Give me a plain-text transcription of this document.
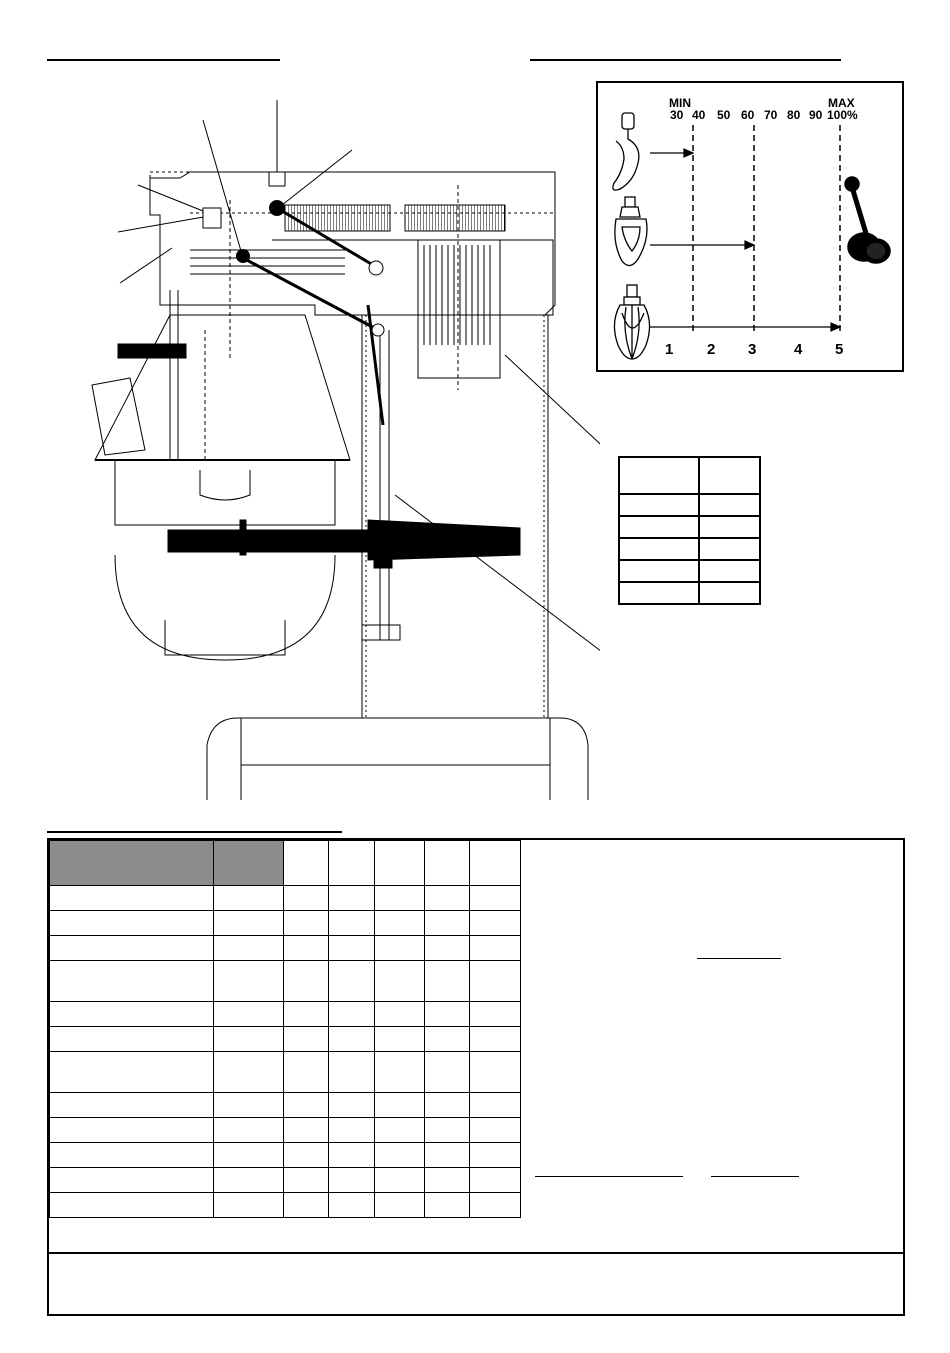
MIN	MAX
30 40 50 60 70 80 90 100%
1 2 3	4 5
